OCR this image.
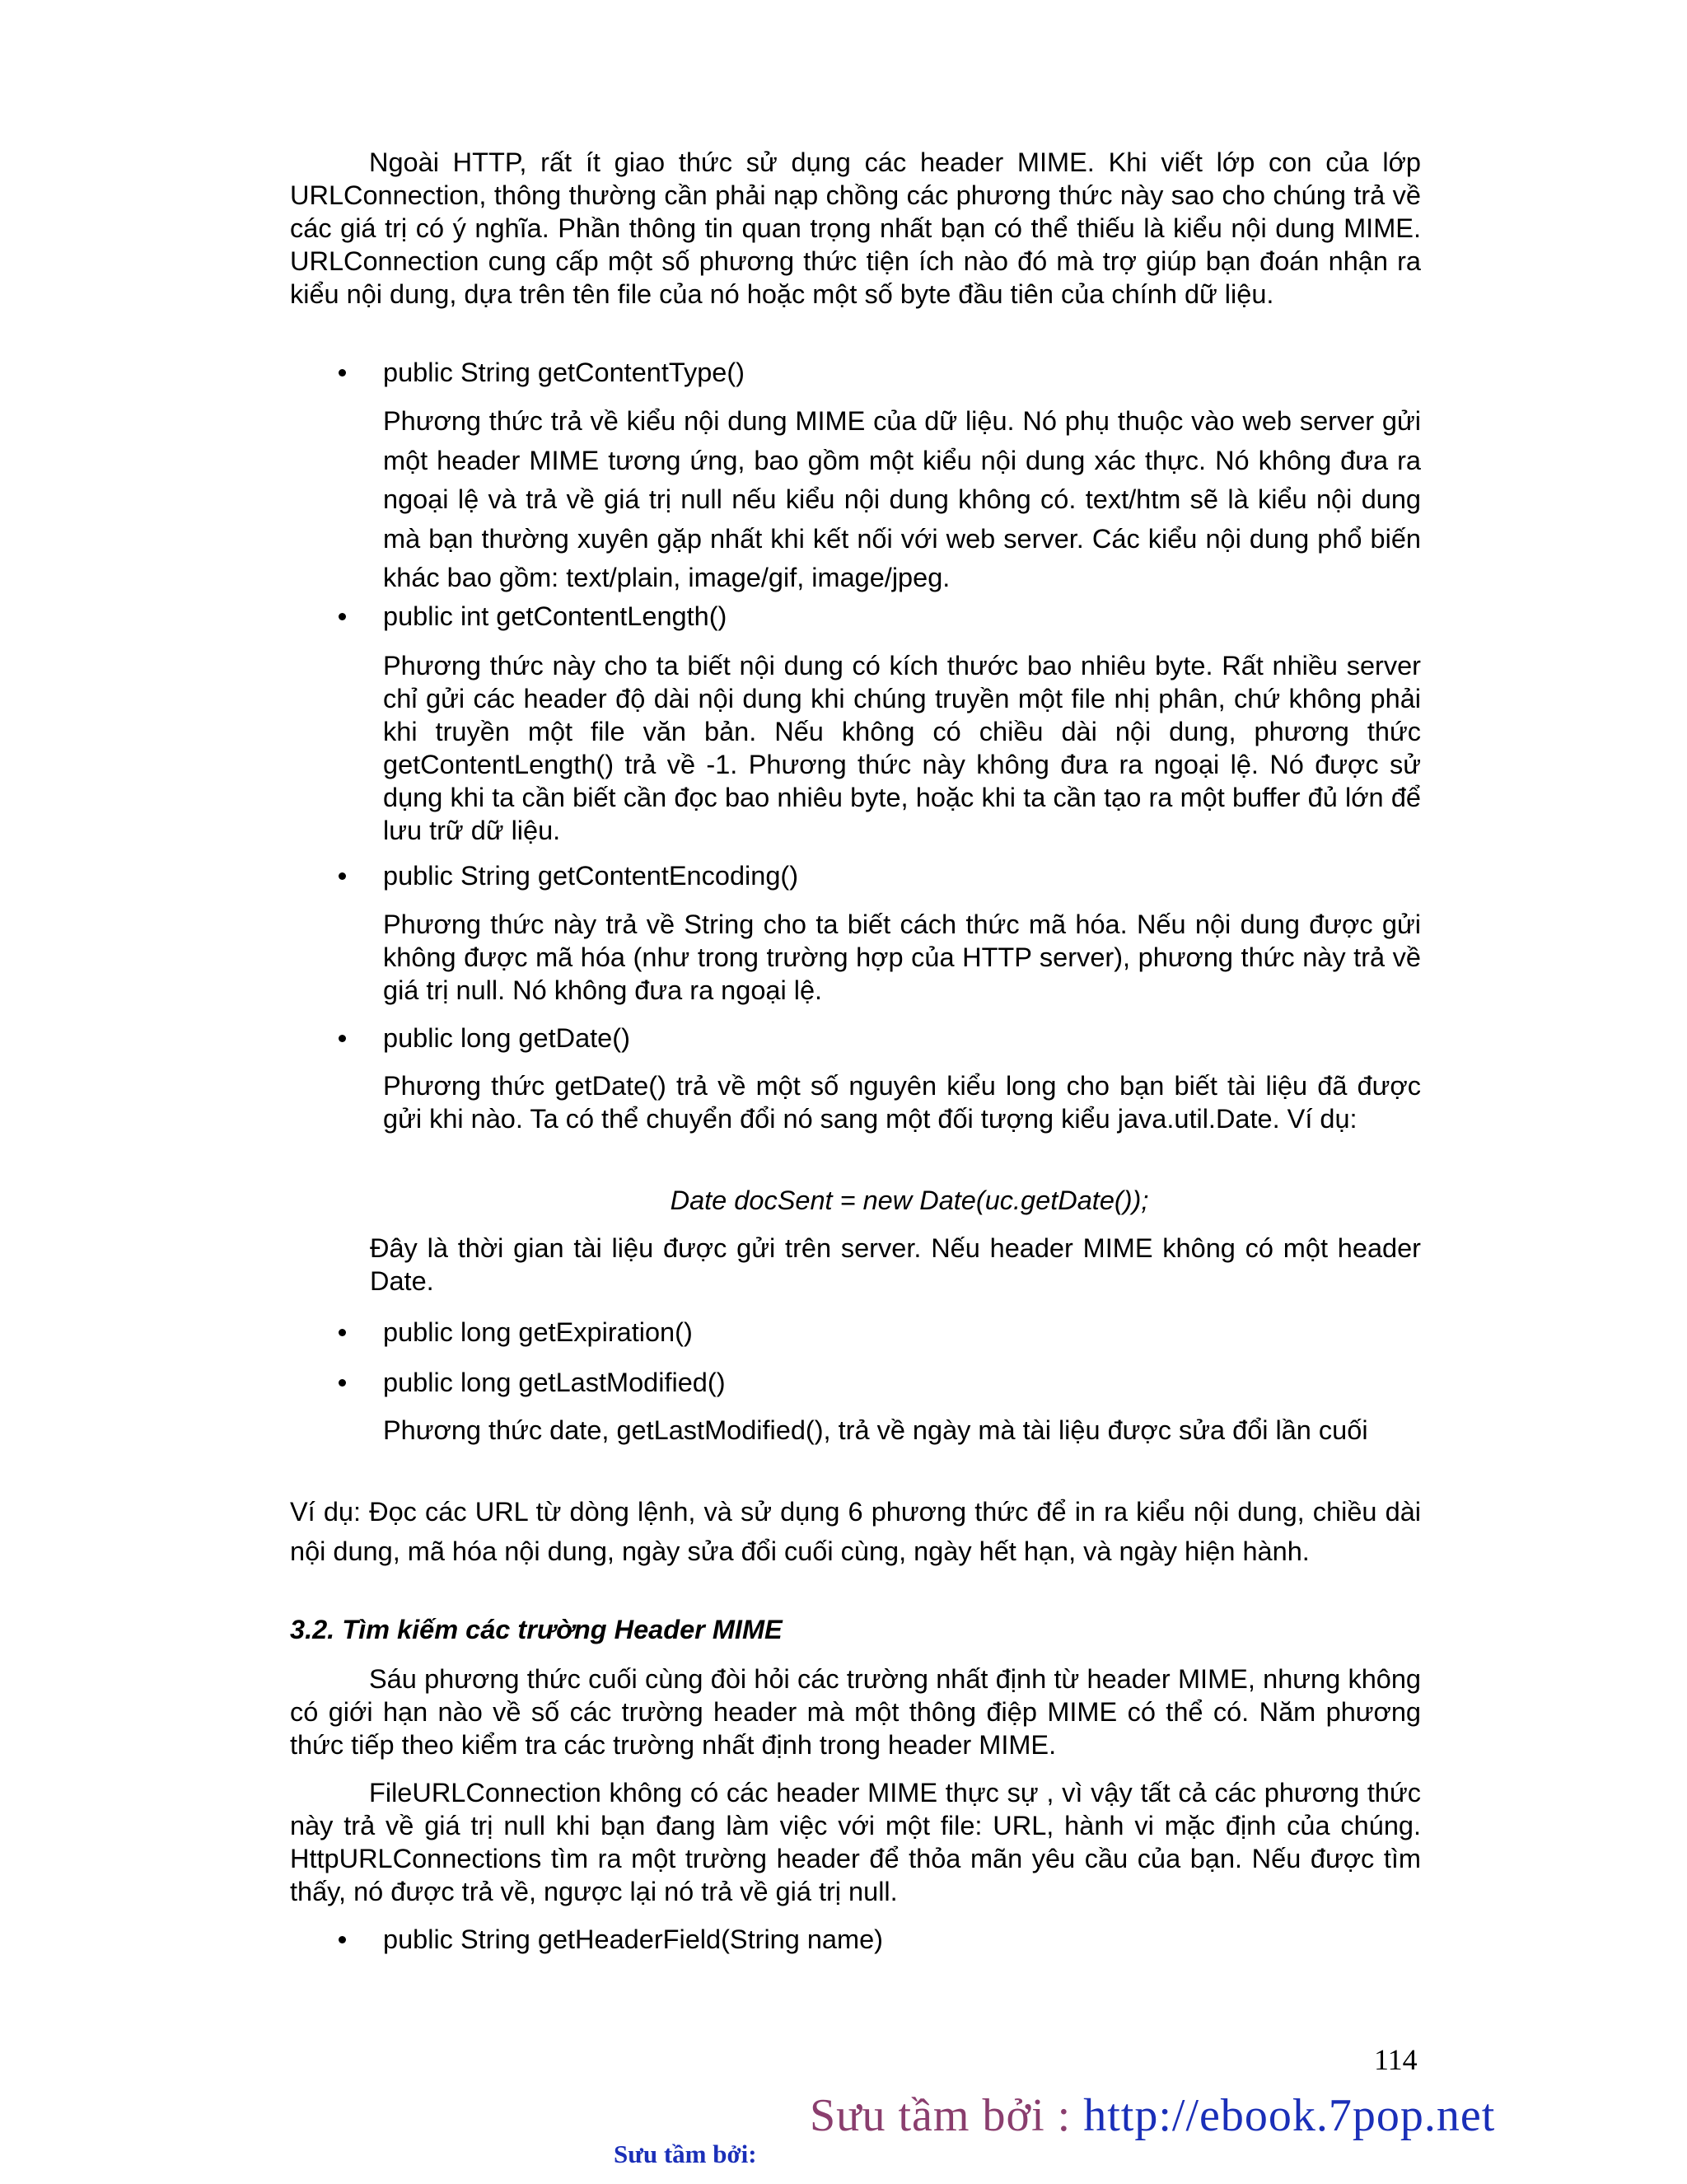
Ngoài HTTP, rất ít giao thức sử dụng các header MIME. Khi viết lớp con của lớp URLConnection, thông thường cần phải nạp chồng các phương thức này sao cho chúng trả về các giá trị có ý nghĩa. Phần thông tin quan trọng nhất bạn có thể thiếu là kiểu nội dung MIME. URLConnection cung cấp một số phương thức tiện ích nào đó mà trợ giúp bạn đoán nhận ra kiểu nội dung, dựa trên tên file của nó hoặc một số byte đầu tiên của chính dữ liệu.

public String getContentType()

Phương thức trả về kiểu nội dung MIME của dữ liệu. Nó phụ thuộc vào web server gửi một header MIME tương ứng, bao gồm một kiểu nội dung xác thực. Nó không đưa ra ngoại lệ và trả về giá trị null nếu kiểu nội dung không có. text/htm sẽ là kiểu nội dung mà bạn thường xuyên gặp nhất khi kết nối với web server. Các kiểu nội dung phổ biến khác bao gồm: text/plain, image/gif, image/jpeg.

public int getContentLength()

Phương thức này cho ta biết nội dung có kích thước bao nhiêu byte. Rất nhiều server chỉ gửi các header độ dài nội dung khi chúng truyền một file nhị phân, chứ không phải khi truyền một file văn bản. Nếu không có chiều dài nội dung, phương thức getContentLength() trả về -1. Phương thức này không đưa ra ngoại lệ. Nó được sử dụng khi ta cần biết cần đọc bao nhiêu byte, hoặc khi ta cần tạo ra một buffer đủ lớn để lưu trữ dữ liệu.

public String getContentEncoding()

Phương thức này trả về String cho ta biết cách thức mã hóa. Nếu nội dung được gửi không được mã hóa (như trong trường hợp của HTTP server), phương thức này trả về giá trị null. Nó không đưa ra ngoại lệ.

public long getDate()

Phương thức getDate() trả về một số nguyên kiểu long cho bạn biết tài liệu đã được gửi khi nào. Ta có thể chuyển đổi nó sang một đối tượng kiểu java.util.Date. Ví dụ:

Date docSent = new Date(uc.getDate());

Đây là thời gian tài liệu được gửi trên server. Nếu header MIME không có một header Date.

public long getExpiration()
public long getLastModified()

Phương thức date, getLastModified(), trả về ngày mà tài liệu được sửa đổi lần cuối

Ví dụ: Đọc các URL từ dòng lệnh, và sử dụng 6 phương thức để in ra kiểu nội dung, chiều dài nội dung, mã hóa nội dung, ngày sửa đổi cuối cùng, ngày hết hạn, và ngày hiện hành.

3.2. Tìm kiếm các trường Header MIME

Sáu phương thức cuối cùng đòi hỏi các trường nhất định từ header MIME, nhưng không có giới hạn nào về số các trường header mà một thông điệp MIME có thể có. Năm phương thức tiếp theo kiểm tra các trường nhất định trong header MIME.

FileURLConnection không có các header MIME thực sự , vì vậy tất cả các phương thức này trả về giá trị null khi bạn đang làm việc với một file: URL, hành vi mặc định của chúng. HttpURLConnections tìm ra một trường header để thỏa mãn yêu cầu của bạn. Nếu được tìm thấy, nó được trả về, ngược lại nó trả về giá trị null.

public String getHeaderField(String name)
114
Sưu tầm bởi : http://ebook.7pop.net
Sưu tầm bởi:
